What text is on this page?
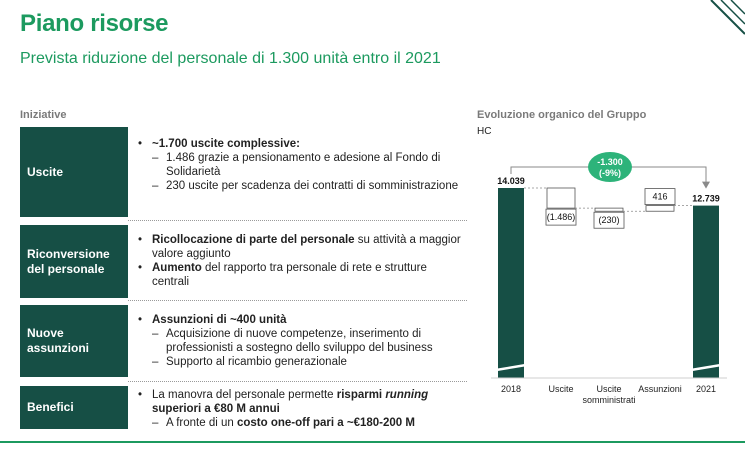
Piano risorse
Prevista riduzione del personale di 1.300 unità entro il 2021
Iniziative
Uscite
• ~1.700 uscite complessive:
– 1.486 grazie a pensionamento e adesione al Fondo di Solidarietà
– 230 uscite per scadenza dei contratti di somministrazione
Riconversione
del personale
• Ricollocazione di parte del personale su attività a maggior valore aggiunto
• Aumento del rapporto tra personale di rete e strutture centrali
Nuove
assunzioni
• Assunzioni di ~400 unità
– Acquisizione di nuove competenze, inserimento di professionisti a sostegno dello sviluppo del business
– Supporto al ricambio generazionale
Benefici
• La manovra del personale permette risparmi running superiori a €80 M annui
– A fronte di un costo one-off pari a ~€180-200 M
Evoluzione organico del Gruppo
HC
14.039
(1.486)	(230)
416	12.739
2018	Uscite	Uscite
somministrati
Assunzioni 2021
-1.300
(-9%)
